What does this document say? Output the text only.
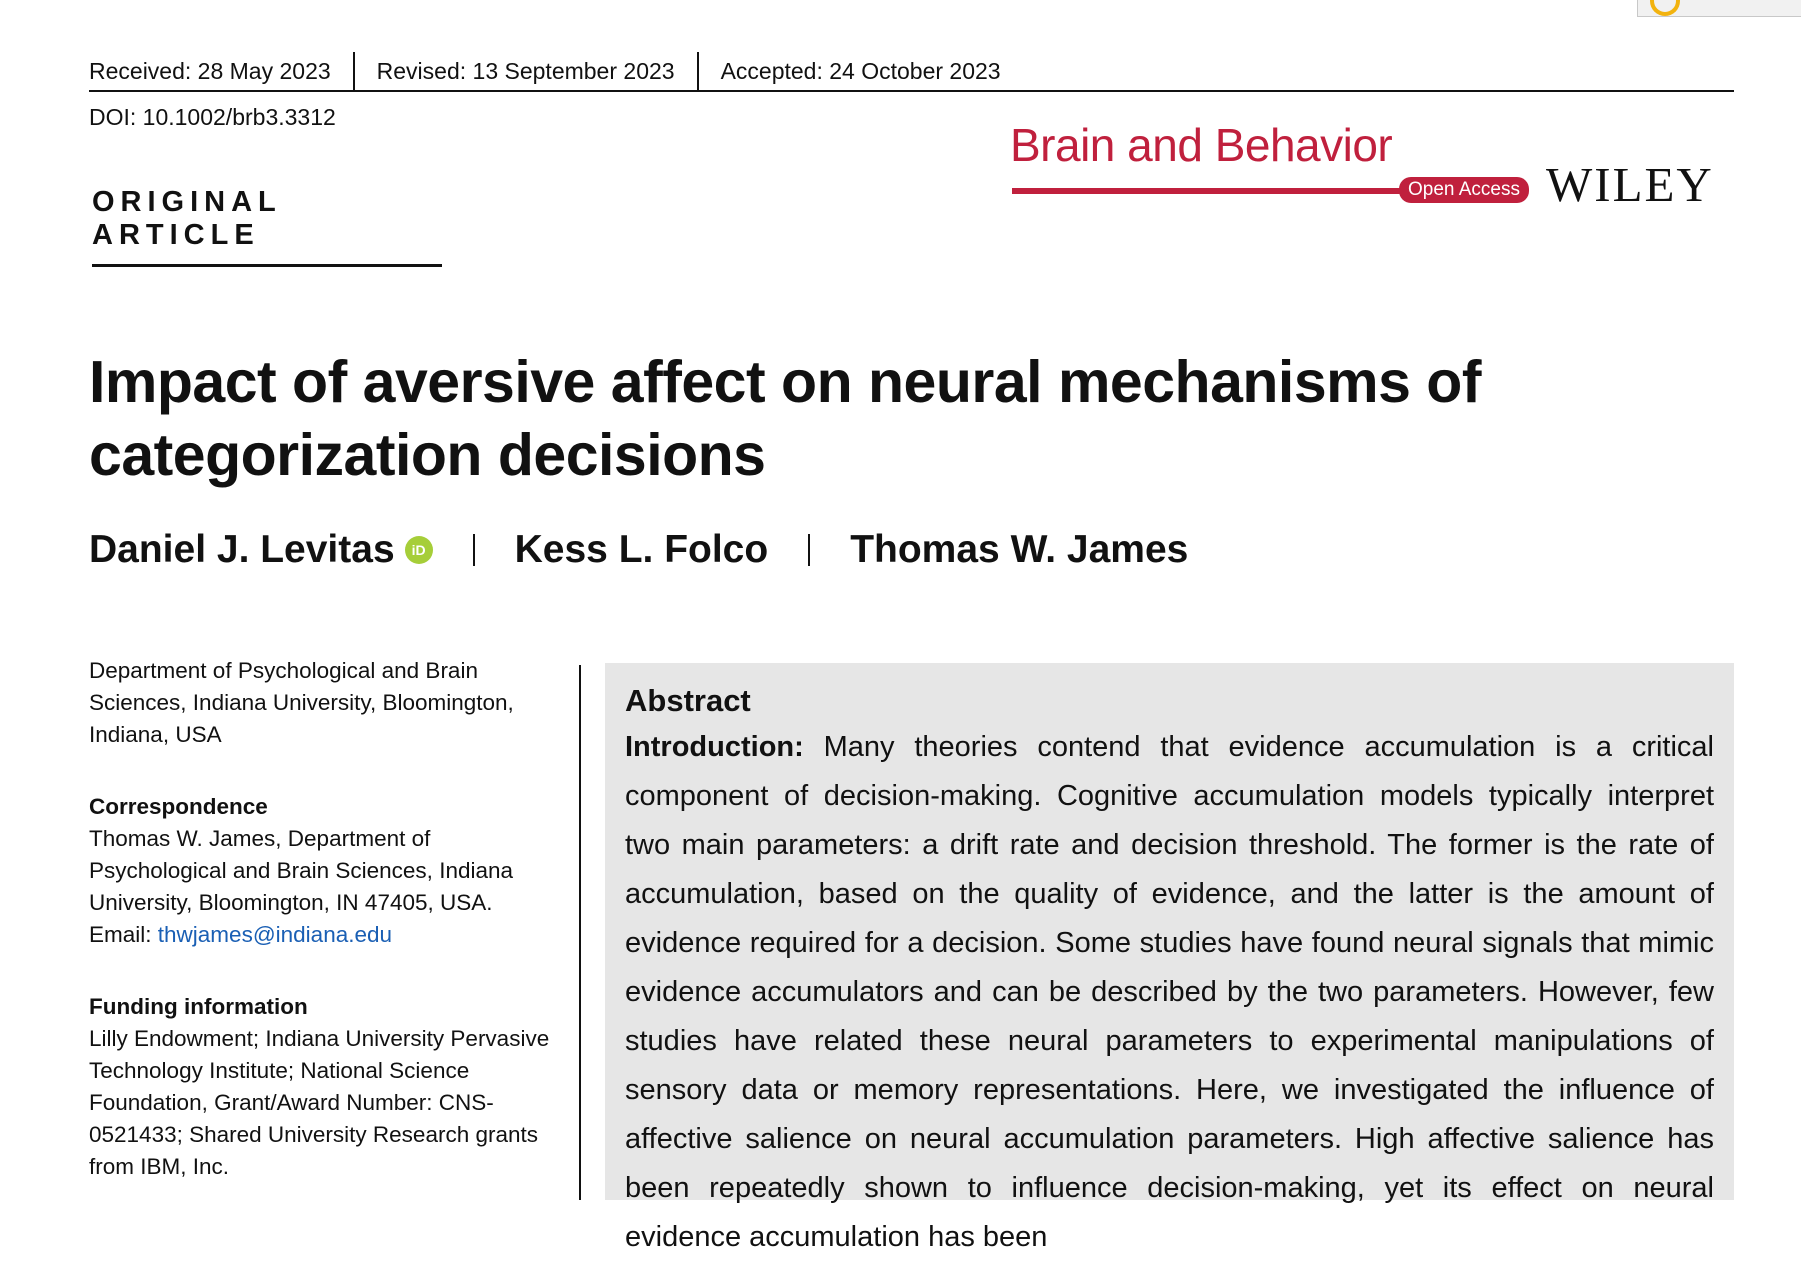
Received: 28 May 2023 Revised: 13 September 2023 Accepted: 24 October 2023
DOI: 10.1002/brb3.3312
ORIGINAL ARTICLE
Brain and Behavior
Open Access WILEY
Impact of aversive affect on neural mechanisms of categorization decisions
Daniel J. Levitas	iD Kess L. Folco Thomas W. James

Department of Psychological and Brain Sciences, Indiana University, Bloomington, Indiana, USA

Correspondence

Thomas W. James, Department of Psychological and Brain Sciences, Indiana University, Bloomington, IN 47405, USA.

Email: thwjames@indiana.edu

Funding information

Lilly Endowment; Indiana University Pervasive Technology Institute; National Science Foundation, Grant/Award Number: CNS-0521433; Shared University Research grants from IBM, Inc.

Abstract

Introduction: Many theories contend that evidence accumulation is a critical component of decision-making. Cognitive accumulation models typically interpret two main parameters: a drift rate and decision threshold. The former is the rate of accumulation, based on the quality of evidence, and the latter is the amount of evidence required for a decision. Some studies have found neural signals that mimic evidence accumulators and can be described by the two parameters. However, few studies have related these neural parameters to experimental manipulations of sensory data or memory representations. Here, we investigated the influence of affective salience on neural accumulation parameters. High affective salience has been repeatedly shown to influence decision-making, yet its effect on neural evidence accumulation has been
